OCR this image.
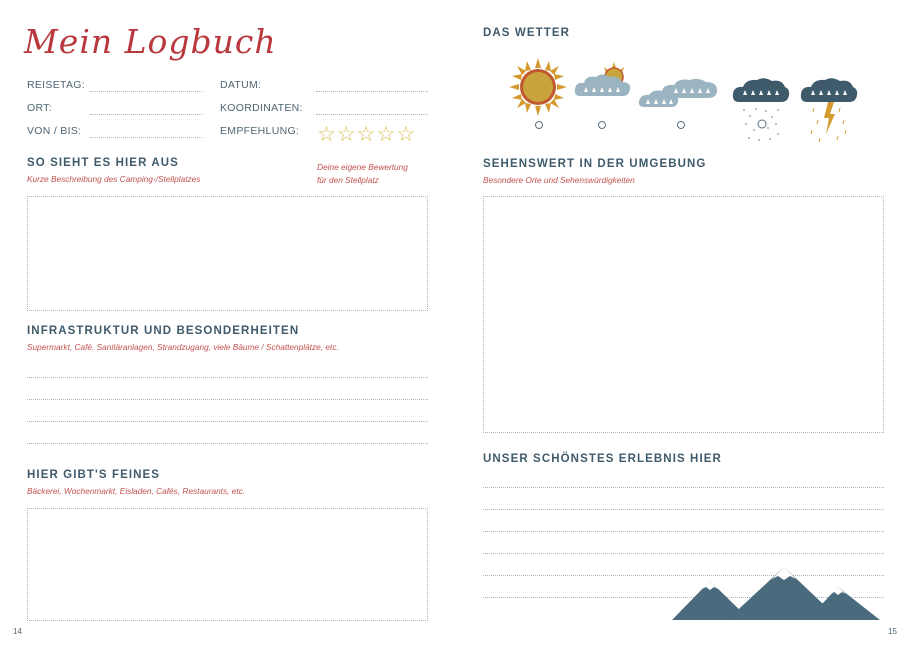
Mein Logbuch
REISETAG:
ORT:
VON / BIS:
DATUM:
KOORDINATEN:
EMPFEHLUNG: ☆ ☆ ☆ ☆ ☆
Deine eigene Bewertung
für den Stellplatz
SO SIEHT ES HIER AUS
Kurze Beschreibung des Camping-/Stellplatzes
INFRASTRUKTUR UND BESONDERHEITEN
Supermarkt, Café, Sanitäranlagen, Strandzugang, viele Bäume / Schattenplätze, etc.
HIER GIBT'S FEINES
Bäckerei, Wochenmarkt, Eisladen, Cafés, Restaurants, etc.
14
DAS WETTER
SEHENSWERT IN DER UMGEBUNG
Besondere Orte und Sehenswürdigkeiten
UNSER SCHÖNSTES ERLEBNIS HIER
15
